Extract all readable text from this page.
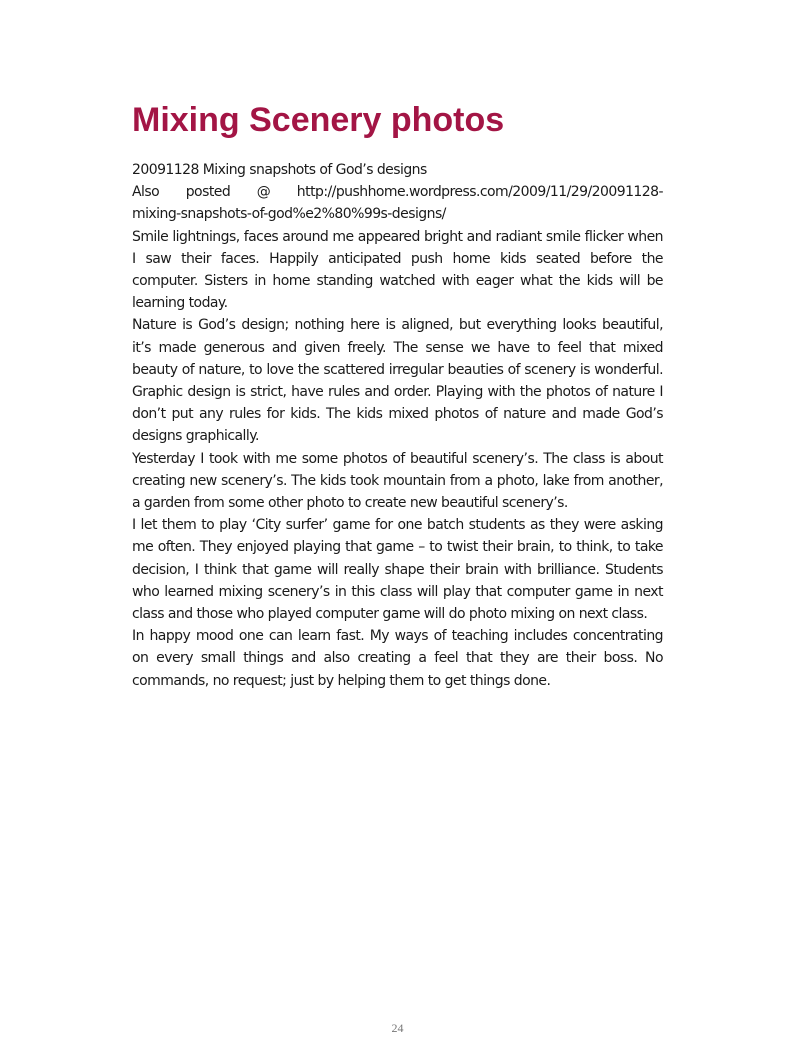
Mixing Scenery photos

20091128 Mixing snapshots of God’s designs

Also posted @ http://pushhome.wordpress.com/2009/11/29/20091128-

mixing-snapshots-of-god%e2%80%99s-designs/

Smile lightnings, faces around me appeared bright and radiant smile flicker when I saw their faces. Happily anticipated push home kids seated before the computer. Sisters in home standing watched with eager what the kids will be learning today.

Nature is God’s design; nothing here is aligned, but everything looks beautiful, it’s made generous and given freely. The sense we have to feel that mixed beauty of nature, to love the scattered irregular beauties of scenery is wonderful. Graphic design is strict, have rules and order. Playing with the photos of nature I don’t put any rules for kids. The kids mixed photos of nature and made God’s designs graphically.

Yesterday I took with me some photos of beautiful scenery’s. The class is about creating new scenery’s. The kids took mountain from a photo, lake from another, a garden from some other photo to create new beautiful scenery’s.

I let them to play ‘City surfer’ game for one batch students as they were asking me often. They enjoyed playing that game – to twist their brain, to think, to take decision, I think that game will really shape their brain with brilliance. Students who learned mixing scenery’s in this class will play that computer game in next class and those who played computer game will do photo mixing on next class.

In happy mood one can learn fast. My ways of teaching includes concentrating on every small things and also creating a feel that they are their boss. No commands, no request; just by helping them to get things done.

24
